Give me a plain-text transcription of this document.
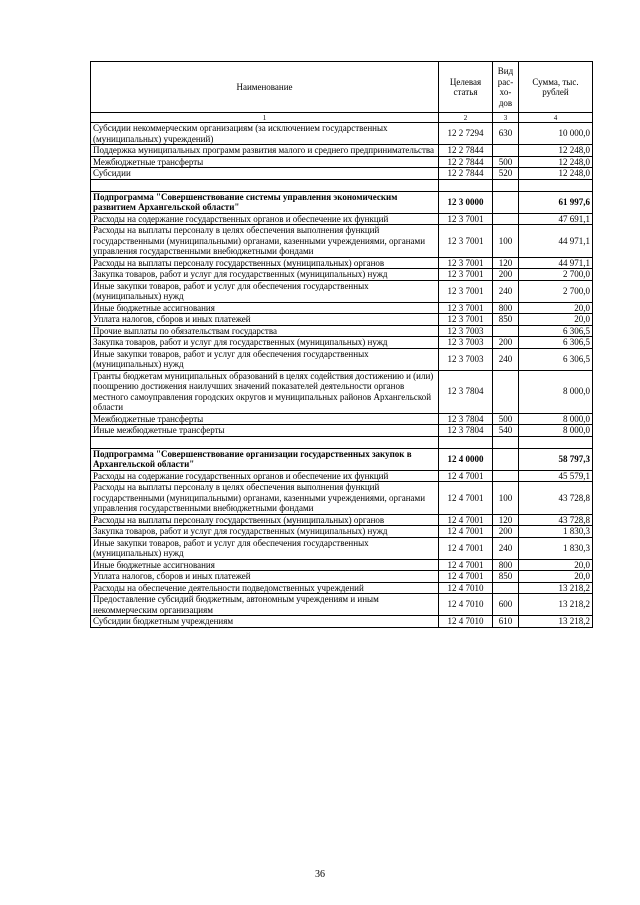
Наименование	Целевая статья	Вид рас- хо- дов	Сумма, тыс. рублей
1	2	3	4
Субсидии некоммерческим организациям (за исключением государственных (муниципальных) учреждений)	12 2 7294	630	10 000,0
Поддержка муниципальных программ развития малого и среднего предпринимательства	12 2 7844		12 248,0
Межбюджетные трансферты	12 2 7844	500	12 248,0
Субсидии	12 2 7844	520	12 248,0

Подпрограмма "Совершенствование системы управления экономическим развитием Архангельской области"	12 3 0000		61 997,6
Расходы на содержание государственных органов и обеспечение их функций	12 3 7001		47 691,1
Расходы на выплаты персоналу в целях обеспечения выполнения функций государственными (муниципальными) органами, казенными учреждениями, органами управления государственными внебюджетными фондами	12 3 7001	100	44 971,1
Расходы на выплаты персоналу государственных (муниципальных) органов	12 3 7001	120	44 971,1
Закупка товаров, работ и услуг для государственных (муниципальных) нужд	12 3 7001	200	2 700,0
Иные закупки товаров, работ и услуг для обеспечения государственных (муниципальных) нужд	12 3 7001	240	2 700,0
Иные бюджетные ассигнования	12 3 7001	800	20,0
Уплата налогов, сборов и иных платежей	12 3 7001	850	20,0
Прочие выплаты по обязательствам государства	12 3 7003		6 306,5
Закупка товаров, работ и услуг для государственных (муниципальных) нужд	12 3 7003	200	6 306,5
Иные закупки товаров, работ и услуг для обеспечения государственных (муниципальных) нужд	12 3 7003	240	6 306,5
Гранты бюджетам муниципальных образований в целях содействия достижению и (или) поощрению достижения наилучших значений показателей деятельности органов местного самоуправления городских округов и муниципальных районов Архангельской области	12 3 7804		8 000,0
Межбюджетные трансферты	12 3 7804	500	8 000,0
Иные межбюджетные трансферты	12 3 7804	540	8 000,0

Подпрограмма "Совершенствование организации государственных закупок в Архангельской области"	12 4 0000		58 797,3
Расходы на содержание государственных органов и обеспечение их функций	12 4 7001		45 579,1
Расходы на выплаты персоналу в целях обеспечения выполнения функций государственными (муниципальными) органами, казенными учреждениями, органами управления государственными внебюджетными фондами	12 4 7001	100	43 728,8
Расходы на выплаты персоналу государственных (муниципальных) органов	12 4 7001	120	43 728,8
Закупка товаров, работ и услуг для государственных (муниципальных) нужд	12 4 7001	200	1 830,3
Иные закупки товаров, работ и услуг для обеспечения государственных (муниципальных) нужд	12 4 7001	240	1 830,3
Иные бюджетные ассигнования	12 4 7001	800	20,0
Уплата налогов, сборов и иных платежей	12 4 7001	850	20,0
Расходы на обеспечение деятельности подведомственных учреждений	12 4 7010		13 218,2
Предоставление субсидий бюджетным, автономным учреждениям и иным некоммерческим организациям	12 4 7010	600	13 218,2
Субсидии бюджетным учреждениям	12 4 7010	610	13 218,2
36
